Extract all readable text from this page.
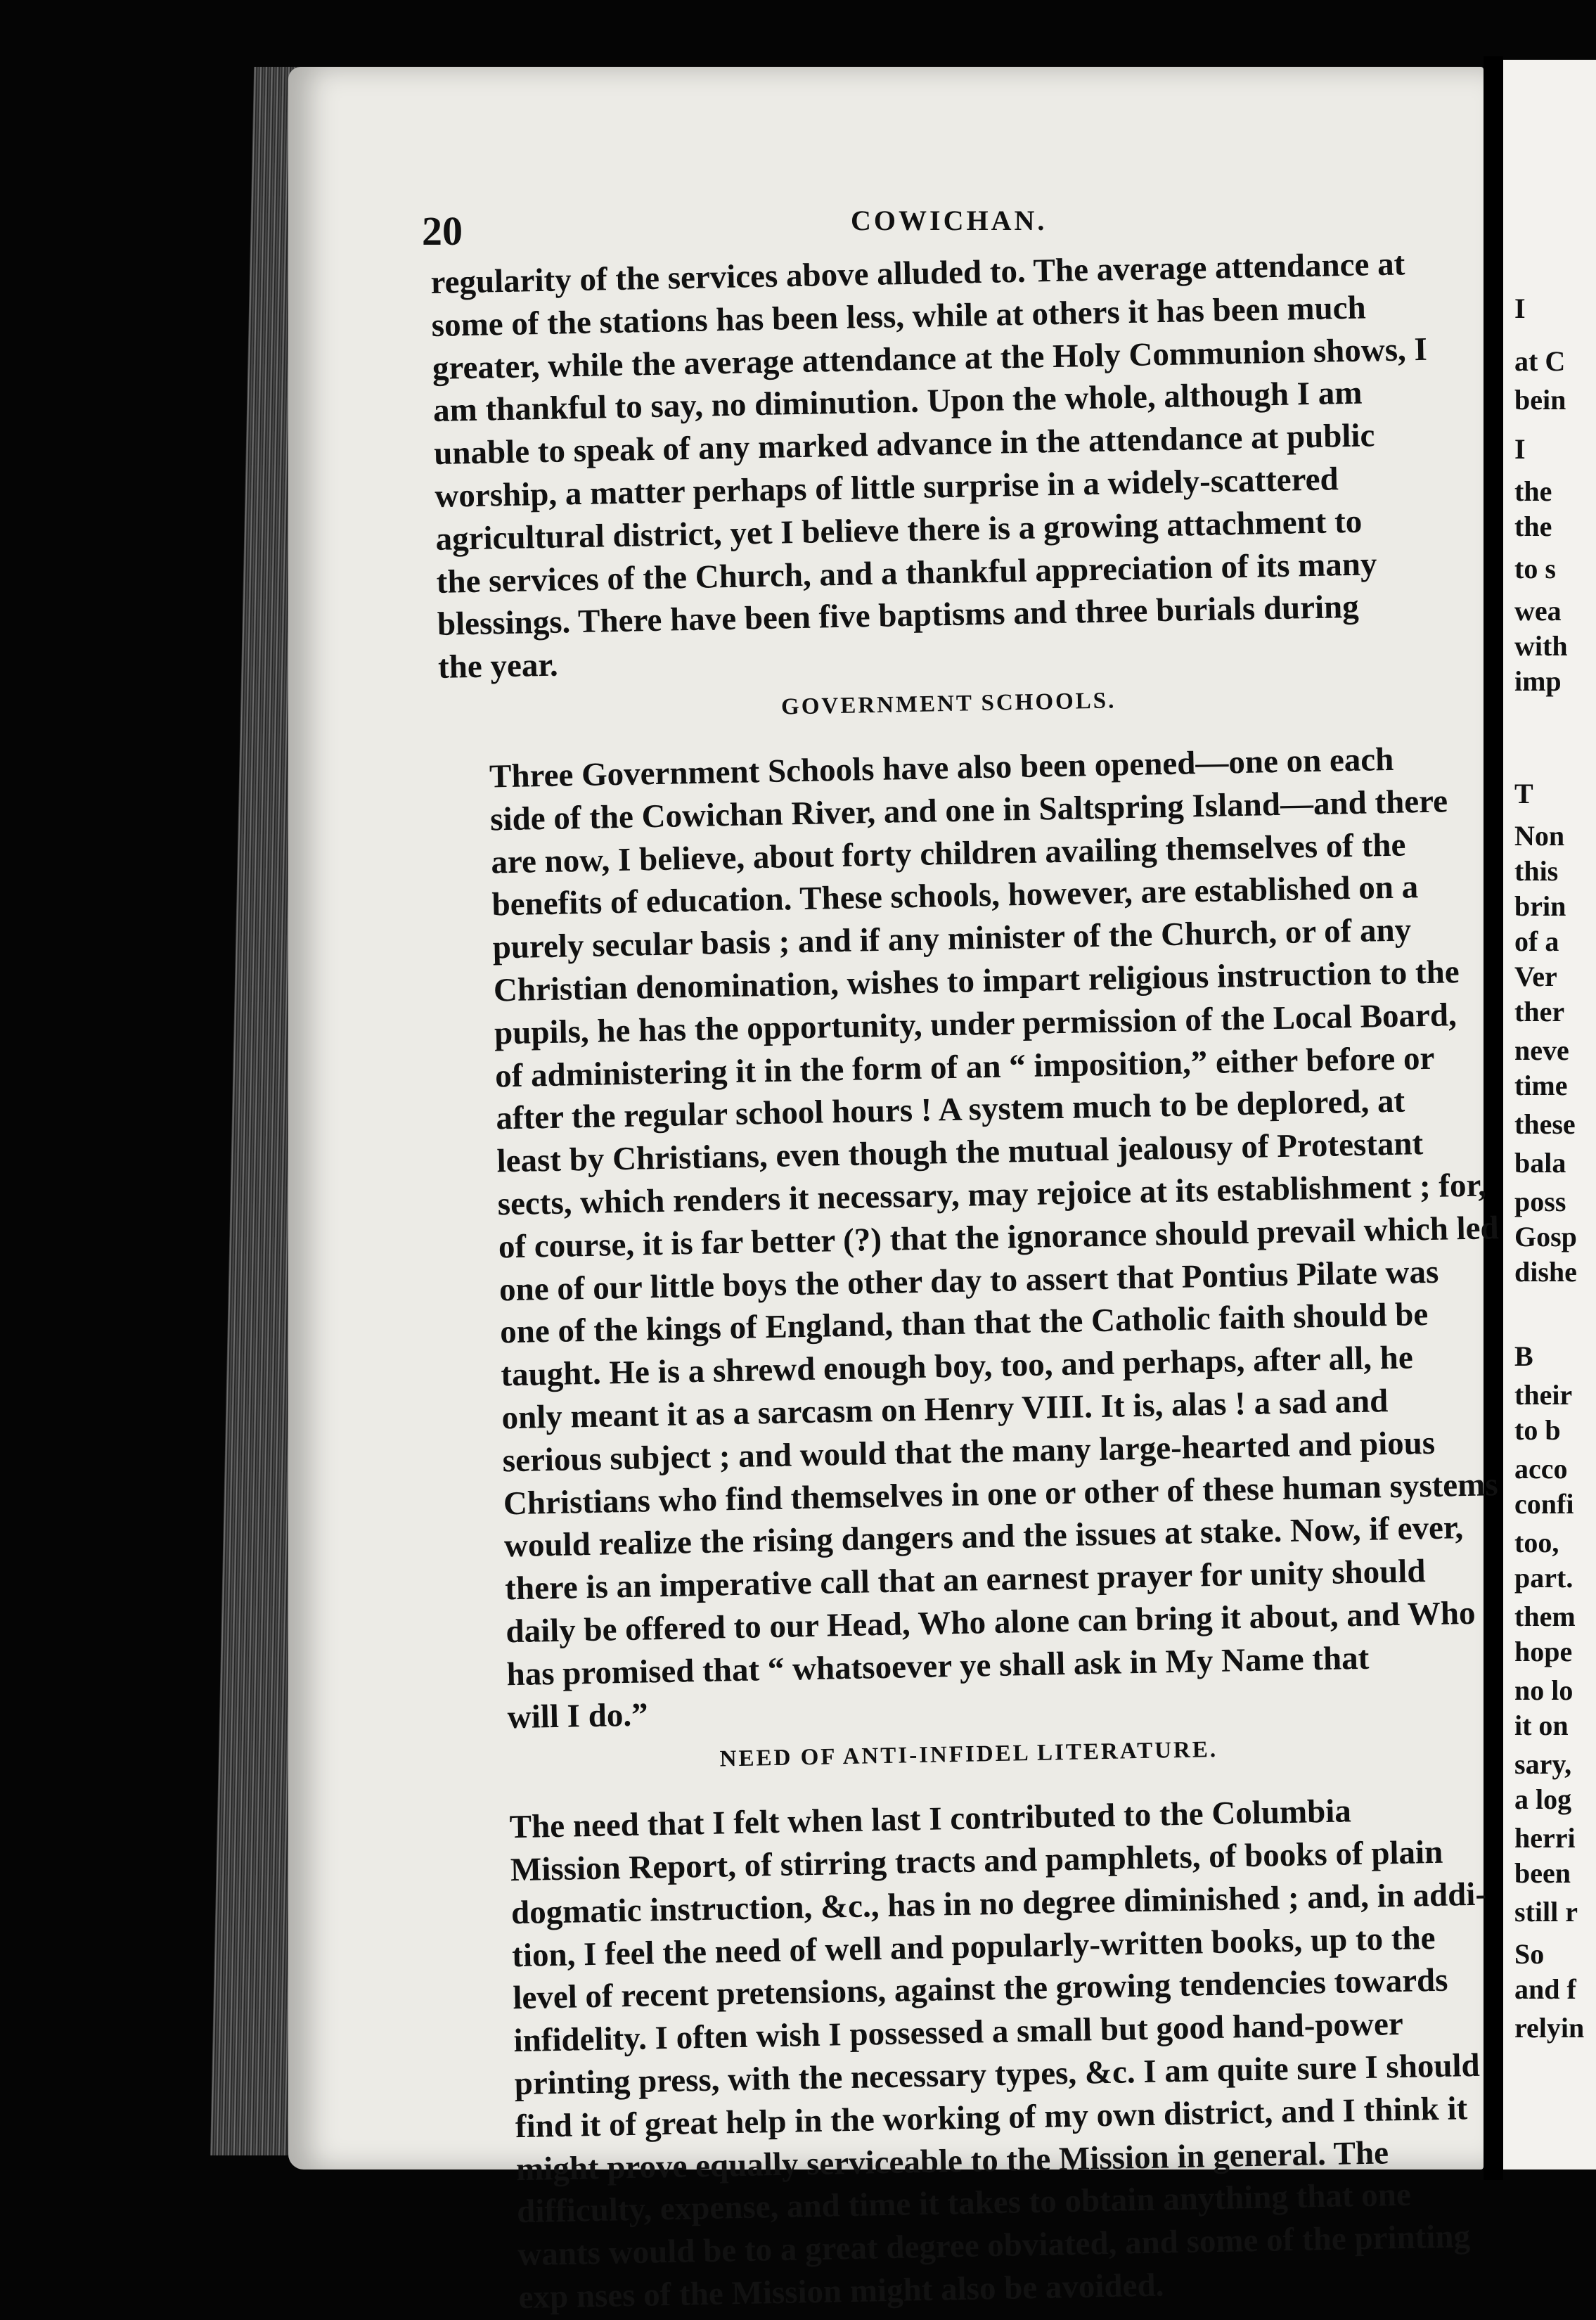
I
at C
bein
I
the
the
to s
wea
with
imp
T
Non
this
brin
of a
Ver
ther
neve
time
these
bala
poss
Gosp
dishe
B
their
to b
acco
confi
too,
part.
them
hope
no lo
it on
sary,
a log
herri
been
still r
So
and f
relyin
20	COWICHAN.

regularity of the services above alluded to. The average attendance at
some of the stations has been less, while at others it has been much
greater, while the average attendance at the Holy Communion shows, I
am thankful to say, no diminution. Upon the whole, although I am
unable to speak of any marked advance in the attendance at public
worship, a matter perhaps of little surprise in a widely-scattered
agricultural district, yet I believe there is a growing attachment to
the services of the Church, and a thankful appreciation of its many
blessings. There have been five baptisms and three burials during
the year.

GOVERNMENT SCHOOLS.

Three Government Schools have also been opened—one on each
side of the Cowichan River, and one in Saltspring Island—and there
are now, I believe, about forty children availing themselves of the
benefits of education. These schools, however, are established on a
purely secular basis ; and if any minister of the Church, or of any
Christian denomination, wishes to impart religious instruction to the
pupils, he has the opportunity, under permission of the Local Board,
of administering it in the form of an “ imposition,” either before or
after the regular school hours ! A system much to be deplored, at
least by Christians, even though the mutual jealousy of Protestant
sects, which renders it necessary, may rejoice at its establishment ; for,
of course, it is far better (?) that the ignorance should prevail which led
one of our little boys the other day to assert that Pontius Pilate was
one of the kings of England, than that the Catholic faith should be
taught. He is a shrewd enough boy, too, and perhaps, after all, he
only meant it as a sarcasm on Henry VIII. It is, alas ! a sad and
serious subject ; and would that the many large-hearted and pious
Christians who find themselves in one or other of these human systems
would realize the rising dangers and the issues at stake. Now, if ever,
there is an imperative call that an earnest prayer for unity should
daily be offered to our Head, Who alone can bring it about, and Who
has promised that “ whatsoever ye shall ask in My Name that
will I do.”

NEED OF ANTI-INFIDEL LITERATURE.

The need that I felt when last I contributed to the Columbia
Mission Report, of stirring tracts and pamphlets, of books of plain
dogmatic instruction, &c., has in no degree diminished ; and, in addi-
tion, I feel the need of well and popularly-written books, up to the
level of recent pretensions, against the growing tendencies towards
infidelity. I often wish I possessed a small but good hand-power
printing press, with the necessary types, &c. I am quite sure I should
find it of great help in the working of my own district, and I think it
might prove equally serviceable to the Mission in general. The
difficulty, expense, and time it takes to obtain anything that one
wants would be to a great degree obviated, and some of the printing
exp nses of the Mission might also be avoided.
